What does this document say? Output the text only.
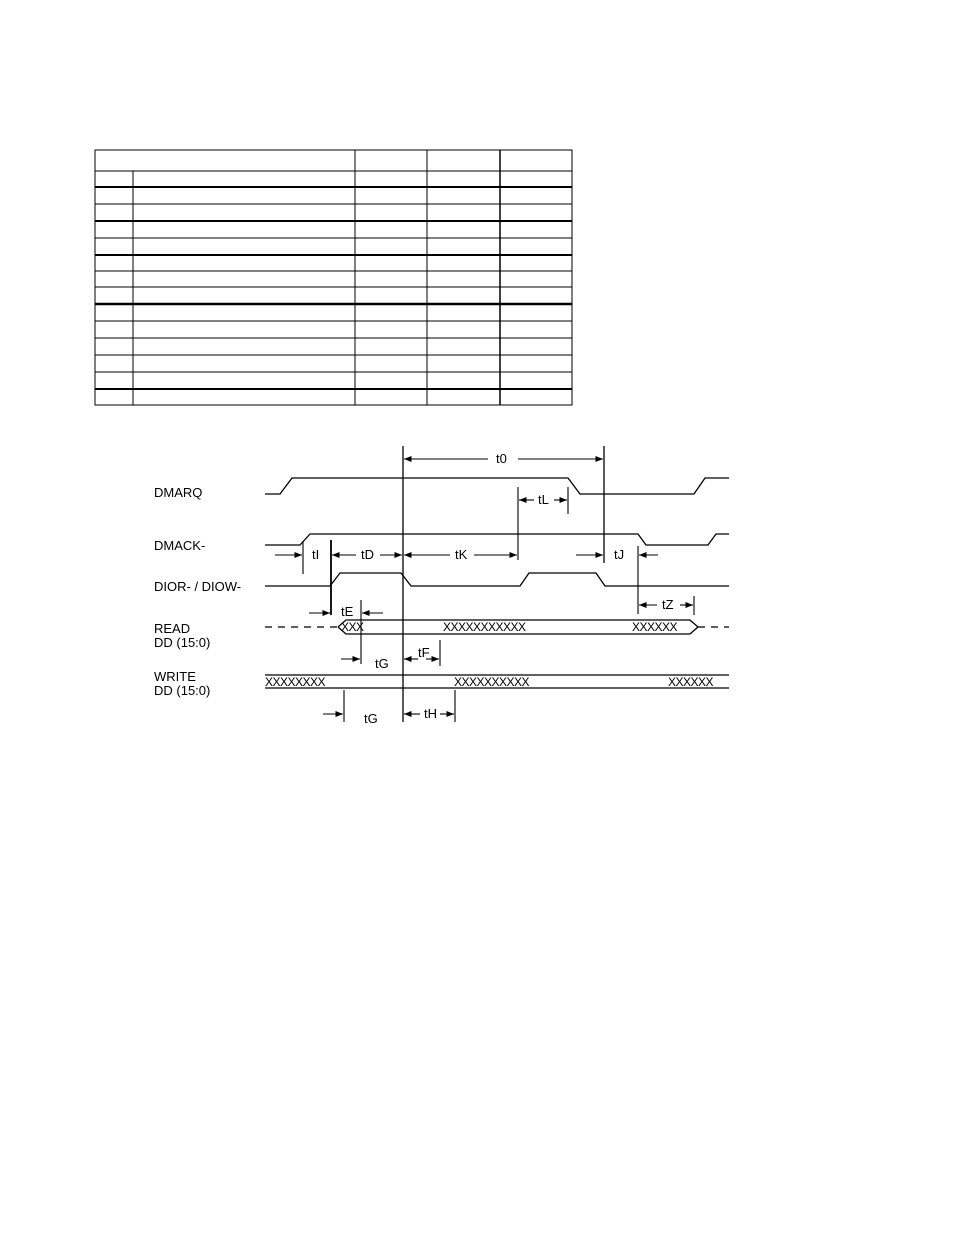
DMARQ
DMACK-
DIOR- / DIOW-
READ
DD (15:0)
WRITE
DD (15:0)
XXX	XXXXXXXXXXX	XXXXXX
XXXXXXXX	XXXXXXXXXX	XXXXXX
t0
tL
tI	tD	tK	tJ
tE	tZ
tG
tF
tG	tH
